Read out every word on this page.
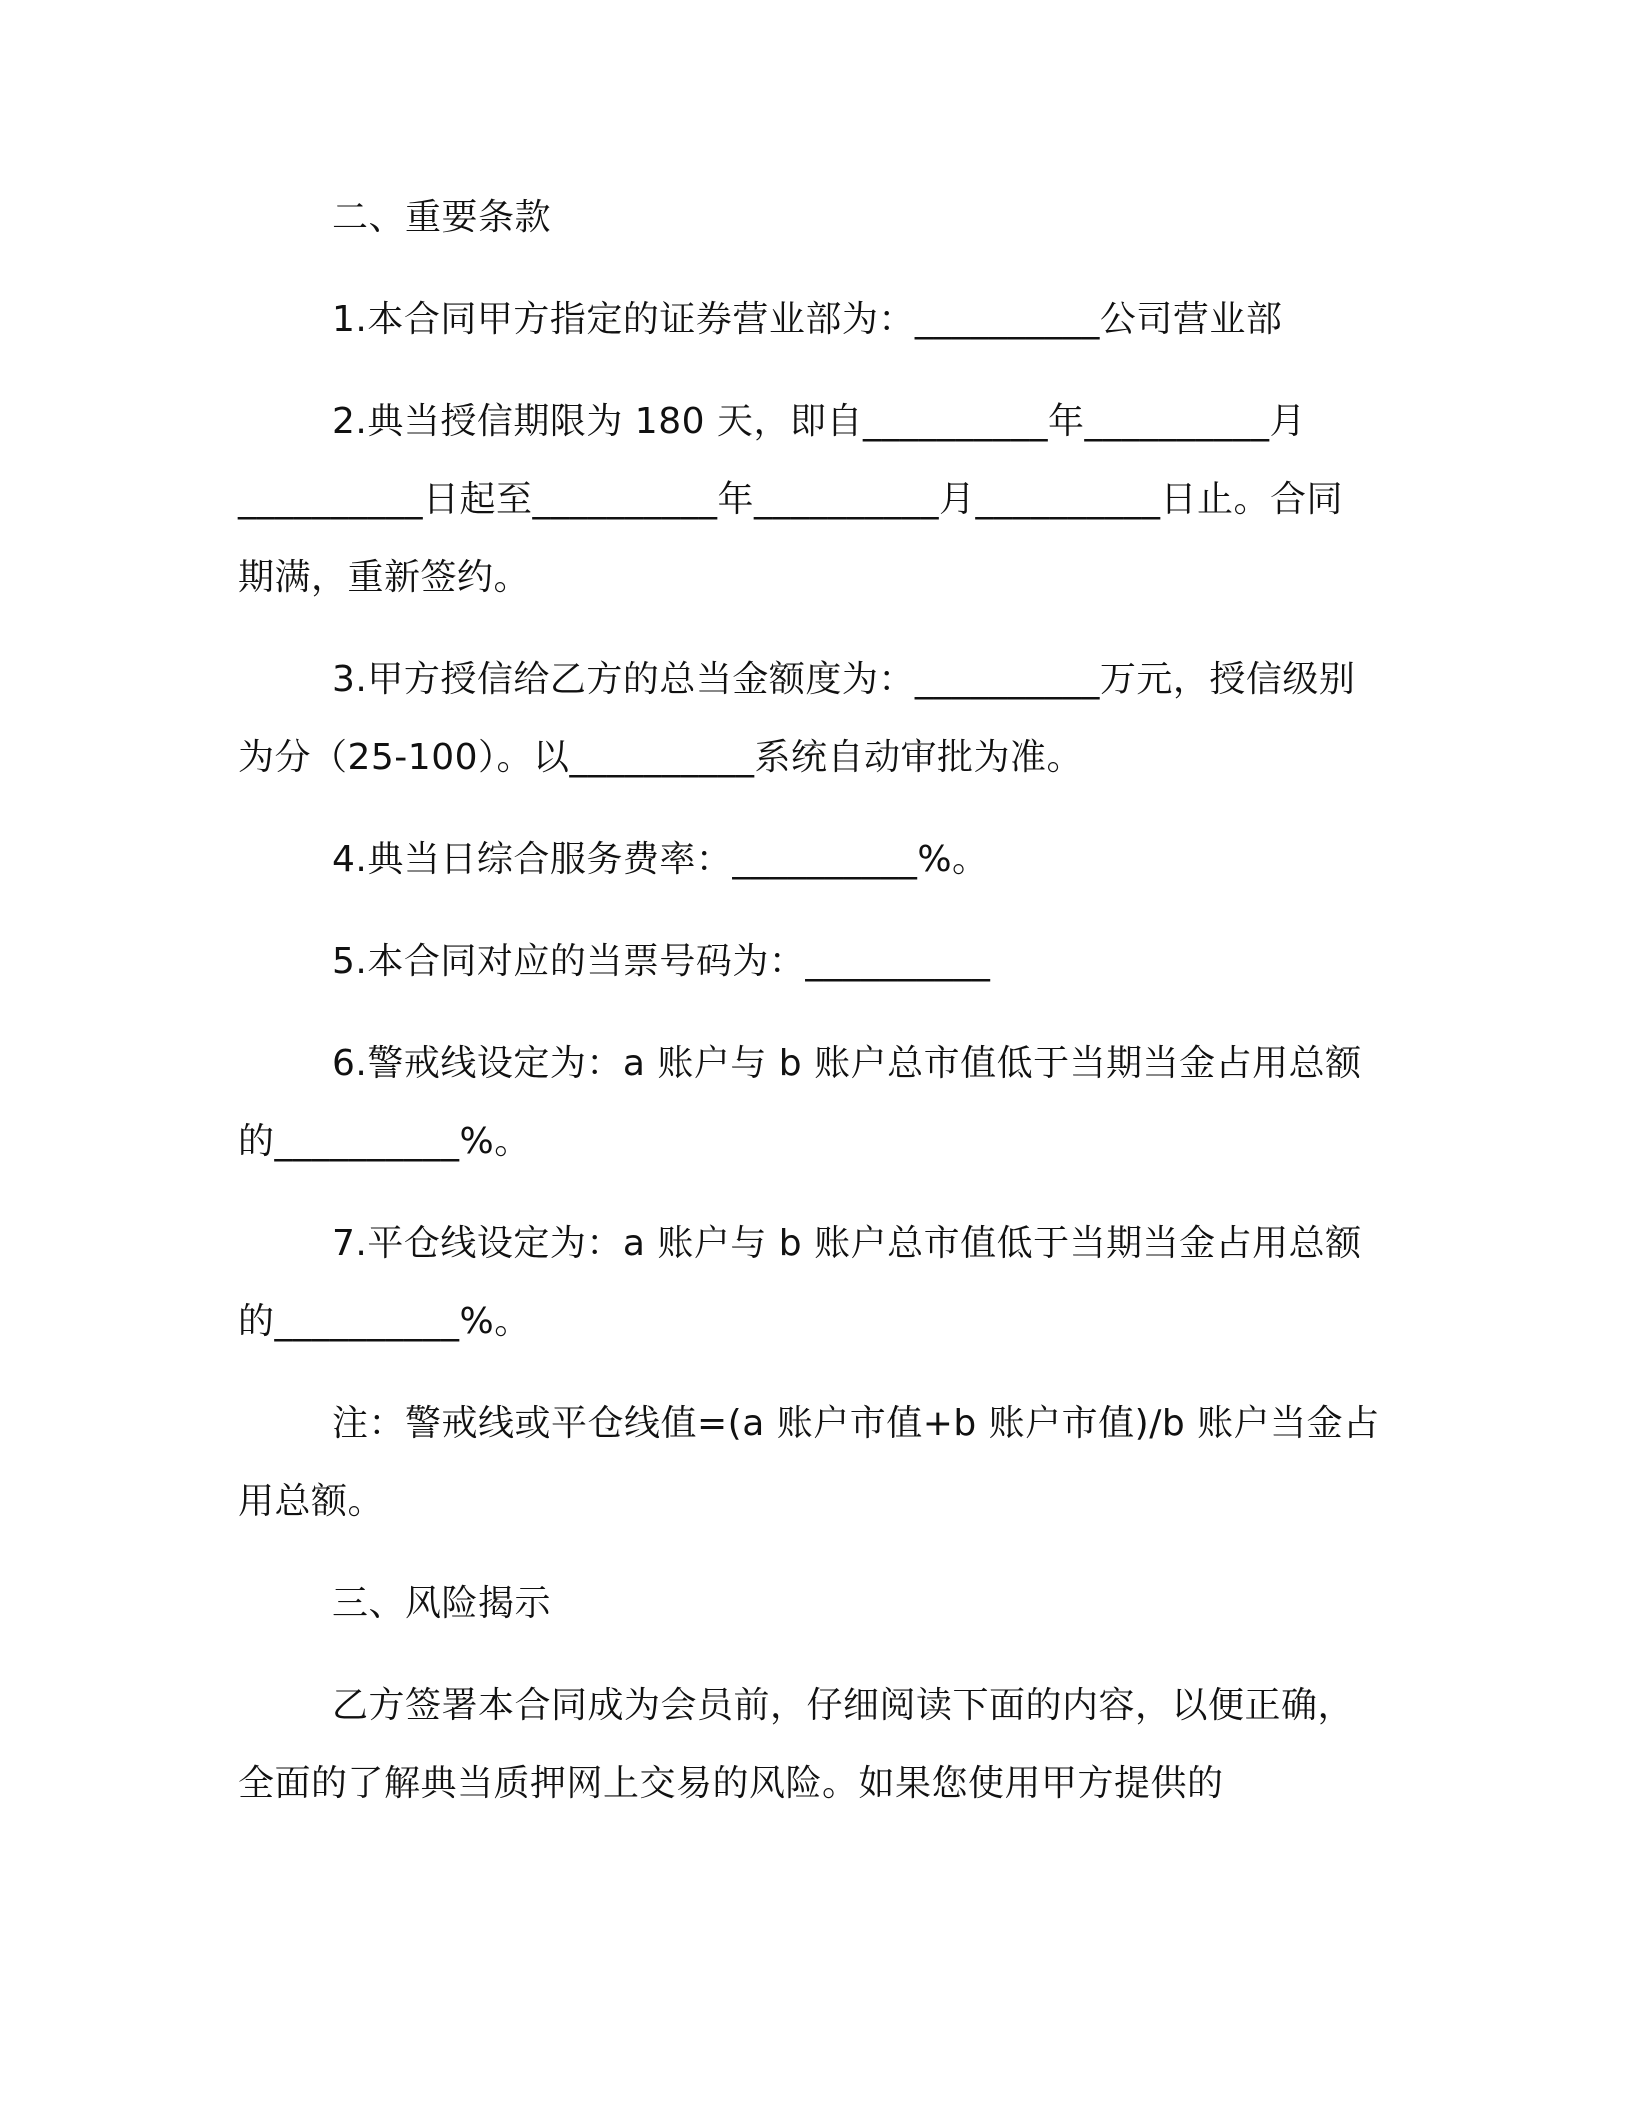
二、重要条款
1.本合同甲方指定的证券营业部为：__________公司营业部
2.典当授信期限为 180 天，即自__________年__________月
__________日起至__________年__________月__________日止。合同
期满，重新签约。
3.甲方授信给乙方的总当金额度为：__________万元，授信级别
为分（25-100）。以__________系统自动审批为准。
4.典当日综合服务费率：__________%。
5.本合同对应的当票号码为：__________
6.警戒线设定为：a 账户与 b 账户总市值低于当期当金占用总额
的__________%。
7.平仓线设定为：a 账户与 b 账户总市值低于当期当金占用总额
的__________%。
注：警戒线或平仓线值=(a 账户市值+b 账户市值)/b 账户当金占
用总额。
三、风险揭示
乙方签署本合同成为会员前，仔细阅读下面的内容，以便正确，
全面的了解典当质押网上交易的风险。如果您使用甲方提供的
